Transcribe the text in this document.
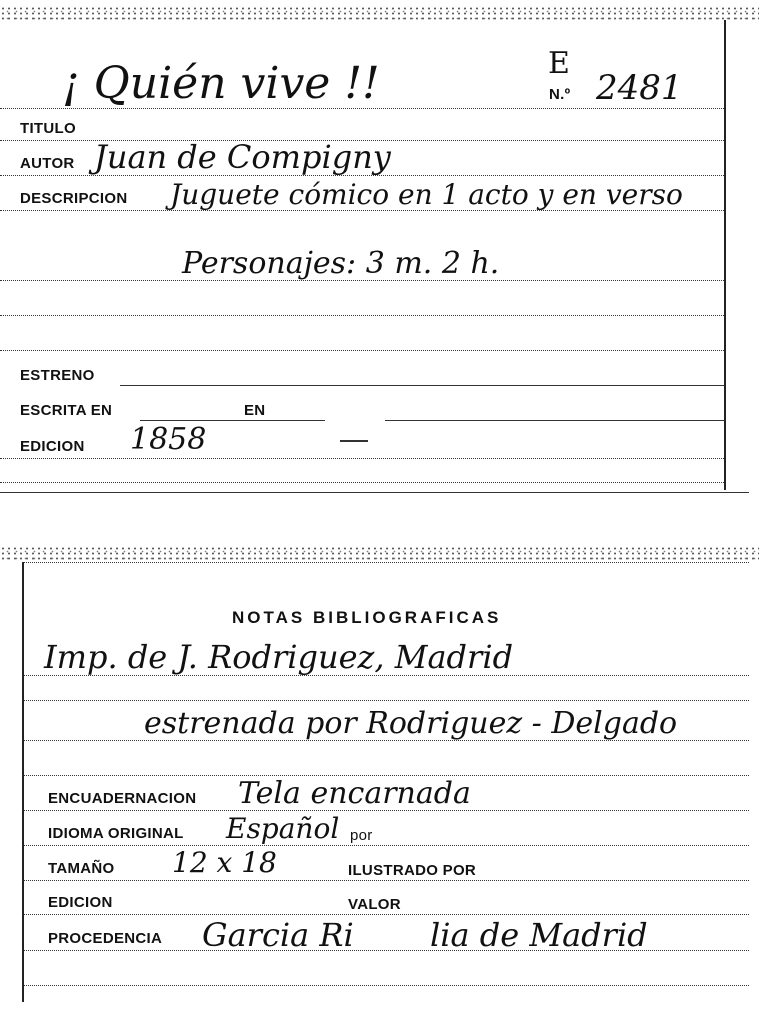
¡ Quién vive !!	E
N.º 2481
TITULO
AUTOR Juan de Compigny
DESCRIPCION Juguete cómico en 1 acto y en verso
Personajes: 3 m. 2 h.
ESTRENO
ESCRITA EN	EN
EDICION 1858
NOTAS BIBLIOGRAFICAS
Imp. de J. Rodriguez, Madrid
estrenada por Rodriguez - Delgado
ENCUADERNACION Tela encarnada
IDIOMA ORIGINAL Español por
TAMAÑO 12 x 18	ILUSTRADO POR
EDICION	VALOR
PROCEDENCIA Garcia Ri lia de Madrid
